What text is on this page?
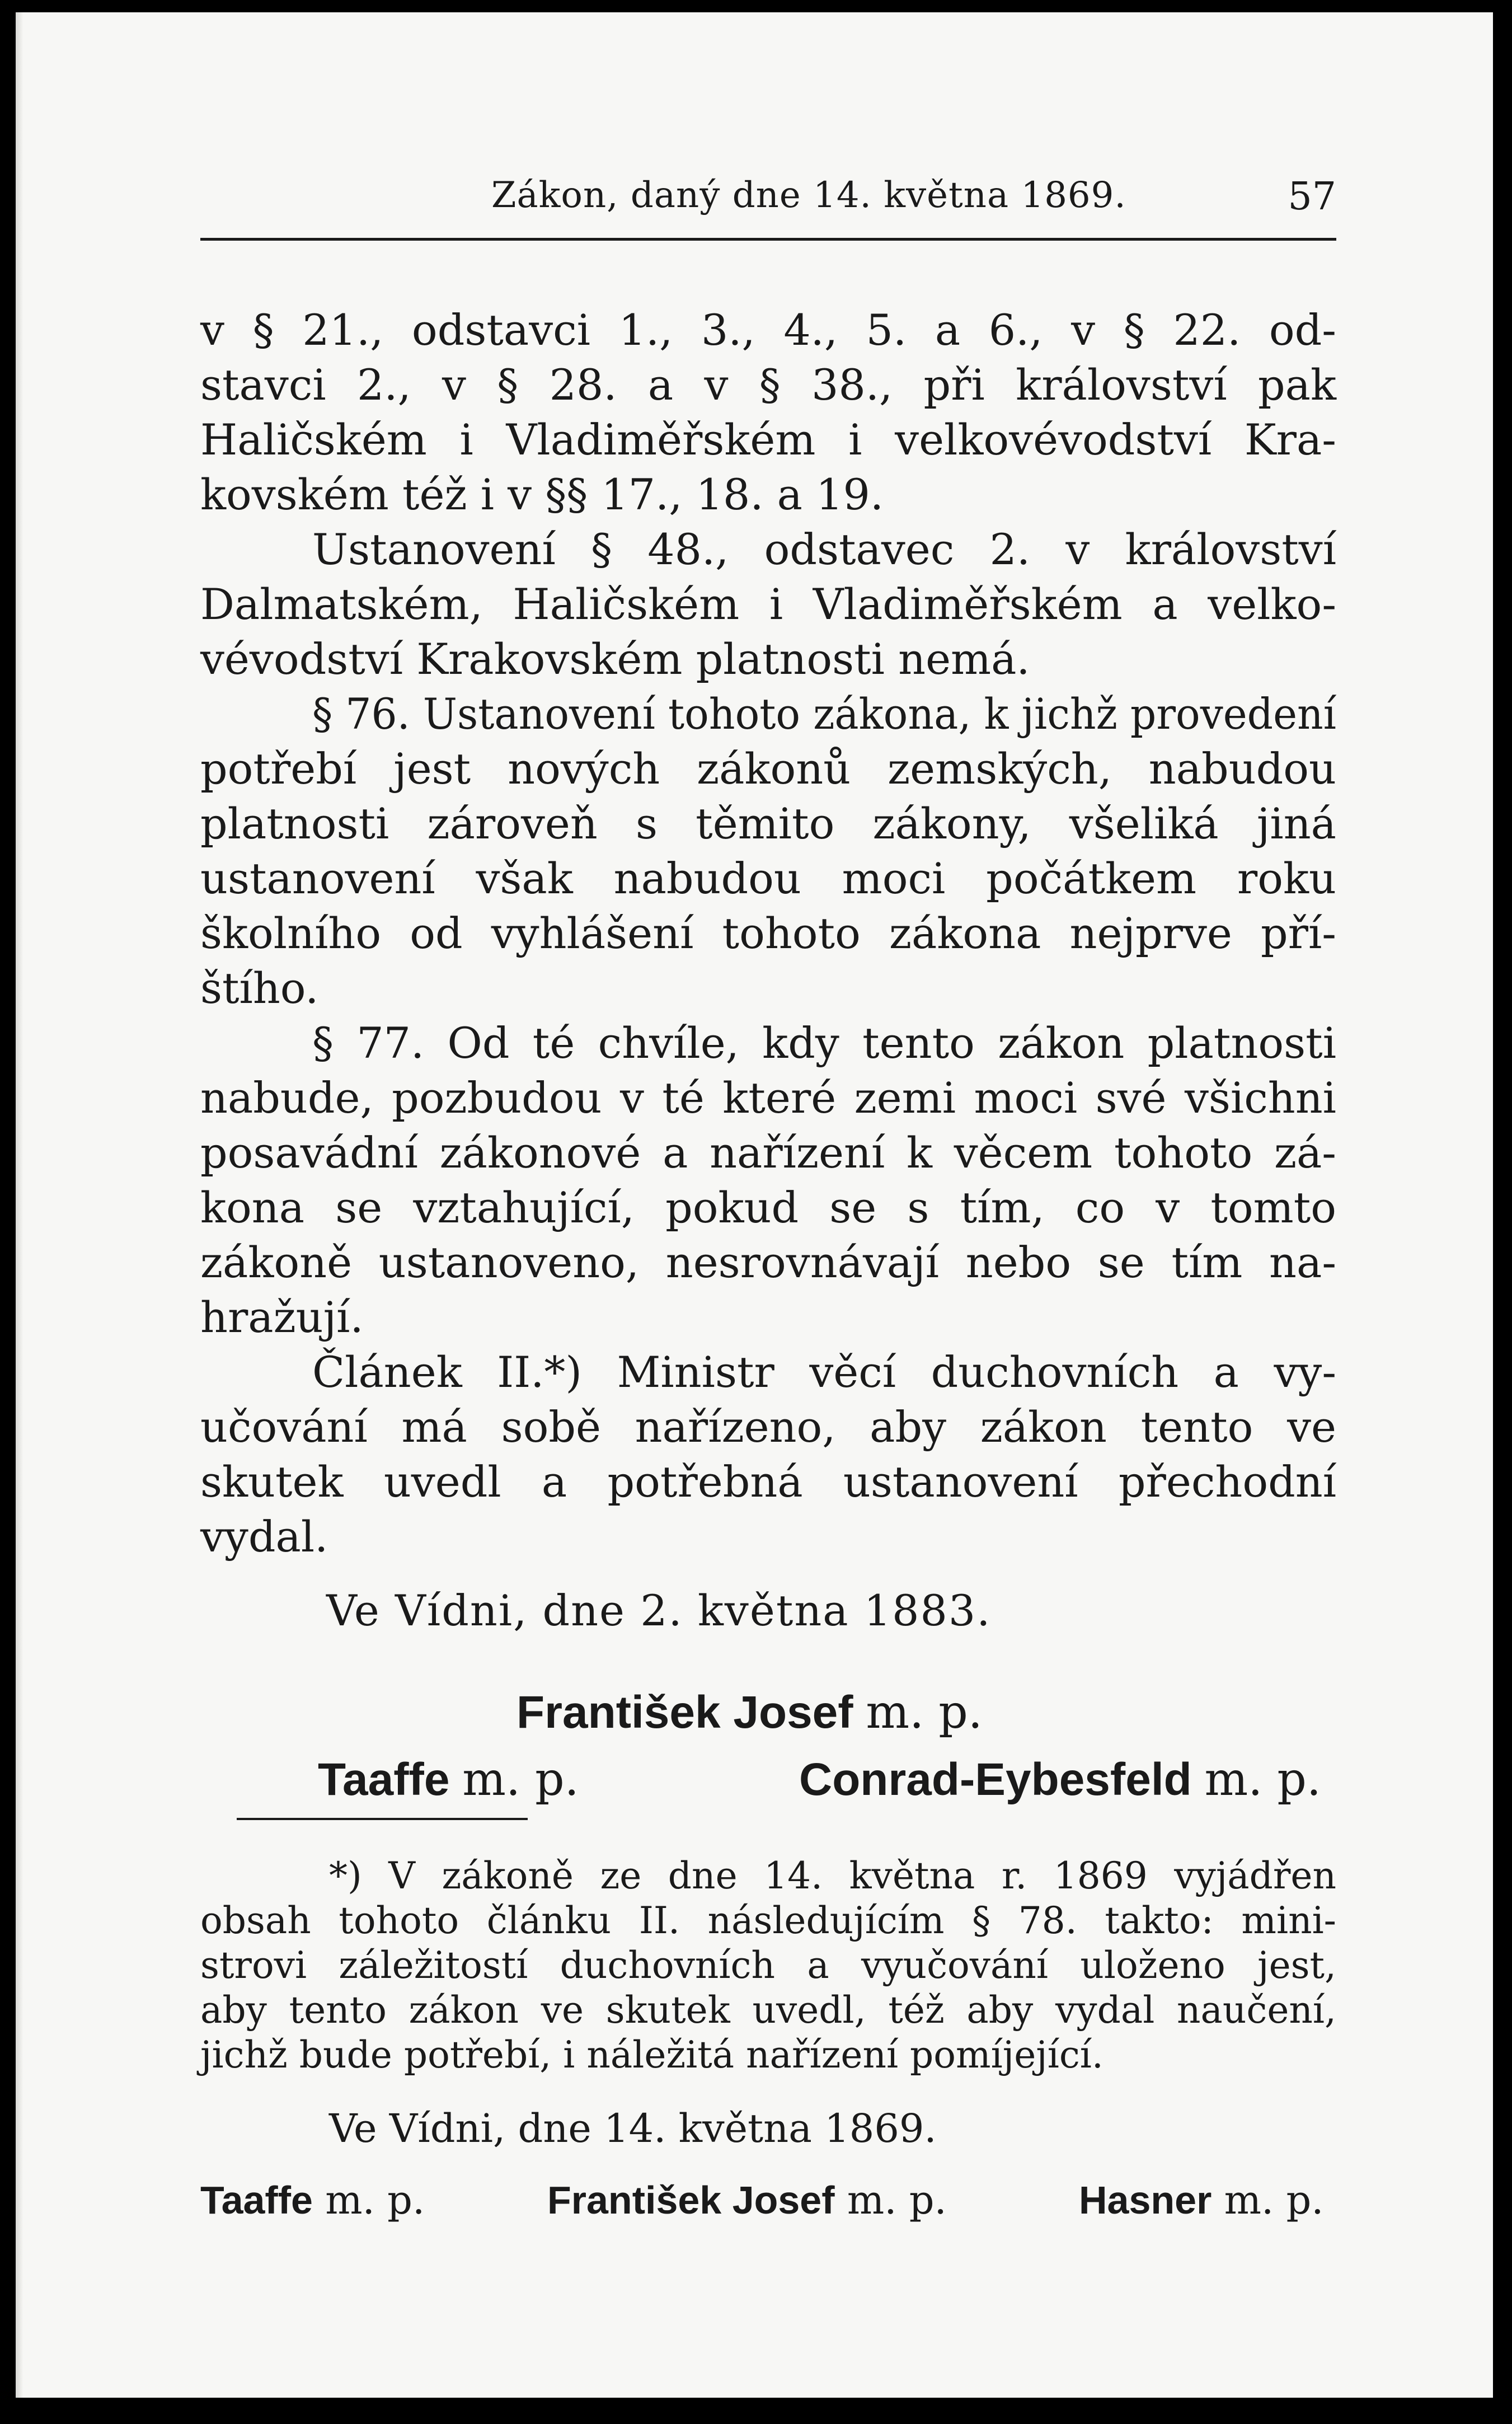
Zákon, daný dne 14. května 1869.	57
v § 21., odstavci 1., 3., 4., 5. a 6., v § 22. od-
stavci 2., v § 28. a v § 38., při království pak
Haličském i Vladiměřském i velkovévodství Kra-
kovském též i v §§ 17., 18. a 19.
Ustanovení § 48., odstavec 2. v království
Dalmatském, Haličském i Vladiměřském a velko-
vévodství Krakovském platnosti nemá.
§ 76. Ustanovení tohoto zákona, k jichž provedení
potřebí jest nových zákonů zemských, nabudou
platnosti zároveň s těmito zákony, všeliká jiná
ustanovení však nabudou moci počátkem roku
školního od vyhlášení tohoto zákona nejprve pří-
štího.
§ 77. Od té chvíle, kdy tento zákon platnosti
nabude, pozbudou v té které zemi moci své všichni
posavádní zákonové a nařízení k věcem tohoto zá-
kona se vztahující, pokud se s tím, co v tomto
zákoně ustanoveno, nesrovnávají nebo se tím na-
hražují.
Článek II.*) Ministr věcí duchovních a vy-
učování má sobě nařízeno, aby zákon tento ve
skutek uvedl a potřebná ustanovení přechodní
vydal.
Ve Vídni, dne 2. května 1883.
František Josef m. p.
Taaffe m. p.	Conrad-Eybesfeld m. p.
*) V zákoně ze dne 14. května r. 1869 vyjádřen
obsah tohoto článku II. následujícím § 78. takto: mini-
strovi záležitostí duchovních a vyučování uloženo jest,
aby tento zákon ve skutek uvedl, též aby vydal naučení,
jichž bude potřebí, i náležitá nařízení pomíjející.
Ve Vídni, dne 14. května 1869.
Taaffe m. p.	František Josef m. p.	Hasner m. p.
